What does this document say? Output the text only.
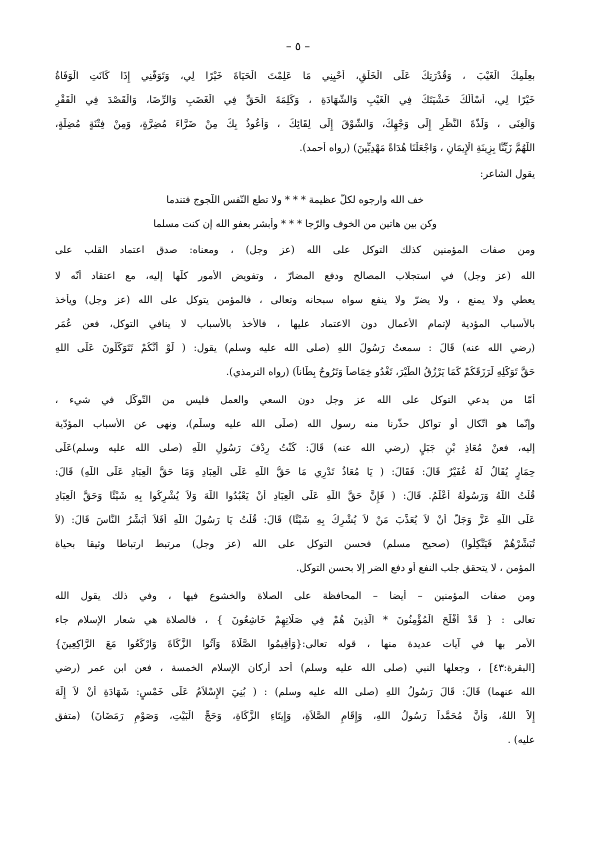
– ٥ –
بعِلْمِكَ الْغَيْبَ ، وَقُدْرَتِكَ عَلَى الْخَلْقِ، أَحْيِنِي مَا عَلِمْتَ الْحَيَاةَ خَيْرًا لِي، وَتَوَفَّنِي إِذَا كَانَتِ الْوَفَاةُ
خَيْرًا لِي، أَسْأَلُكَ خَشْيَتَكَ فِي الْغَيْبِ وَالشَّهَادَةِ ، وَكَلِمَةَ الْحَقِّ فِي الْغَضَبِ وَالرِّضَا، وَالْقَصْدَ فِي الْفَقْرِ
وَالْغِنَى ، وَلَذَّةَ النَّظَرِ إِلَى وَجْهِكَ، وَالشَّوْقَ إِلَى لِقَائِكَ ، وَأَعُوذُ بِكَ مِنْ ضَرَّاءَ مُضِرَّةٍ، وَمِنْ فِتْنَةٍ مُضِلَّةٍ،
اللَّهُمَّ زَيِّنَّا بِزِينَةِ الْإِيمَانِ ، وَاجْعَلْنَا هُدَاةً مَهْدِيِّينَ) (رواه أحمد).
يقول الشاعر:
خف الله وارجوه لكلّ عظيمة * * * ولا تطع النّفس اللّجوج فتندما
وكن بين هاتين من الخوف والرّجا * * * وأبشر بعفو الله إن كنت مسلما
ومن صفات المؤمنين كذلك التوكل على الله (عز وجل) ، ومعناه: صدق اعتماد القلب على
الله (عز وجل) في استجلاب المصالح ودفع المضارّ ، وتفويض الأمور كلّها إليه، مع اعتقاد أنّه لا
يعطي ولا يمنع ، ولا يضرّ ولا ينفع سواه سبحانه وتعالى ، فالمؤمن يتوكل على الله (عز وجل) ويأخذ
بالأسباب المؤدية لإتمام الأعمال دون الاعتماد عليها ، فالأخذ بالأسباب لا ينافي التوكل، فعن عُمَر
(رضي الله عنه) قَالَ : سمعتُ رَسُولَ اللهِ (صلى الله عليه وسلم) يقول: ( لَوْ أَنَّكُمْ تَتَوَكَّلُونَ عَلَى اللهِ
حَقَّ تَوَكُّلِهِ لَرَزَقَكُمْ كَمَا يَرْزُقُ الطَّيْرَ، تَغْدُو خِمَاصاً وَتَرُوحُ بِطَاناً) (رواه الترمذي).
أمّا من يدعي التوكل على الله عز وجل دون السعي والعمل فليس من التّوكّل في شيء ،
وإنّما هو اتّكال أو تواكل حذّرنا منه رسول الله (صلّى الله عليه وسلّم)، ونهى عن الأسباب المؤدّية
إليه، فعنْ مُعَاذِ بْنِ جَبَلٍ (رضي الله عنه) قَالَ: كُنْتُ رِدْفَ رَسُولِ اللَّهِ (صلى الله عليه وسلم)عَلَى
حِمَارٍ يُقَالُ لَهُ عُفَيْرٌ قَالَ: فَقَالَ: ( يَا مُعَاذُ تَدْرِي مَا حَقُّ اللَّهِ عَلَى الْعِبَادِ وَمَا حَقُّ الْعِبَادِ عَلَى اللَّهِ) قَالَ:
قُلْتُ اللَّهُ وَرَسُولُهُ أَعْلَمُ. قَالَ: ( فَإِنَّ حَقَّ اللَّهِ عَلَى الْعِبَادِ أَنْ يَعْبُدُوا اللَّهَ وَلاَ يُشْرِكُوا بِهِ شَيْئًا وَحَقَّ الْعِبَادِ
عَلَى اللَّهِ عَزَّ وَجَلَّ أَنْ لاَ يُعَذِّبَ مَنْ لاَ يُشْرِكُ بِهِ شَيْئًا) قَالَ: قُلْتُ يَا رَسُولَ اللَّهِ أَفَلاَ أُبَشِّرُ النَّاسَ قَالَ: (لاَ
تُبَشِّرْهُمْ فَيَتَّكِلُوا) (صحيح مسلم) فحسن التوكل على الله (عز وجل) مرتبط ارتباطا وثيقا بحياة
المؤمن ، لا يتحقق جلب النفع أو دفع الضر إلا بحسن التوكل.
ومن صفات المؤمنين – أيضا – المحافظة على الصلاة والخشوع فيها ، وفي ذلك يقول الله
تعالى : { قَدْ أَفْلَحَ الْمُؤْمِنُونَ * الَّذِينَ هُمْ فِي صَلَاتِهِمْ خَاشِعُونَ } ، فالصلاة هي شعار الإسلام جاء
الأمر بها في آيات عديدة منها ، قوله تعالى:{وَأَقِيمُوا الصَّلَاةَ وَآتُوا الزَّكَاةَ وَارْكَعُوا مَعَ الرَّاكِعِينَ}
[البقرة:٤٣] ، وجعلها النبي (صلى الله عليه وسلم) أحد أركان الإسلام الخمسة ، فعن ابن عمر (رضي
الله عنهما) قَالَ: قَالَ رَسُولُ اللهِ (صلى الله عليه وسلم) : ( بُنِيَ الإِسْلاَمُ عَلَى خَمْسٍ: شَهَادَةِ أَنْ لاَ إِلَهَ
إِلاَّ اللهُ، وَأَنَّ مُحَمَّداً رَسُولُ اللهِ، وَإِقَامِ الصَّلاَةِ، وَإِيتَاءِ الزَّكَاةِ، وَحَجِّ الْبَيْتِ، وَصَوْمِ رَمَضَانَ) (متفق
عليه) .
